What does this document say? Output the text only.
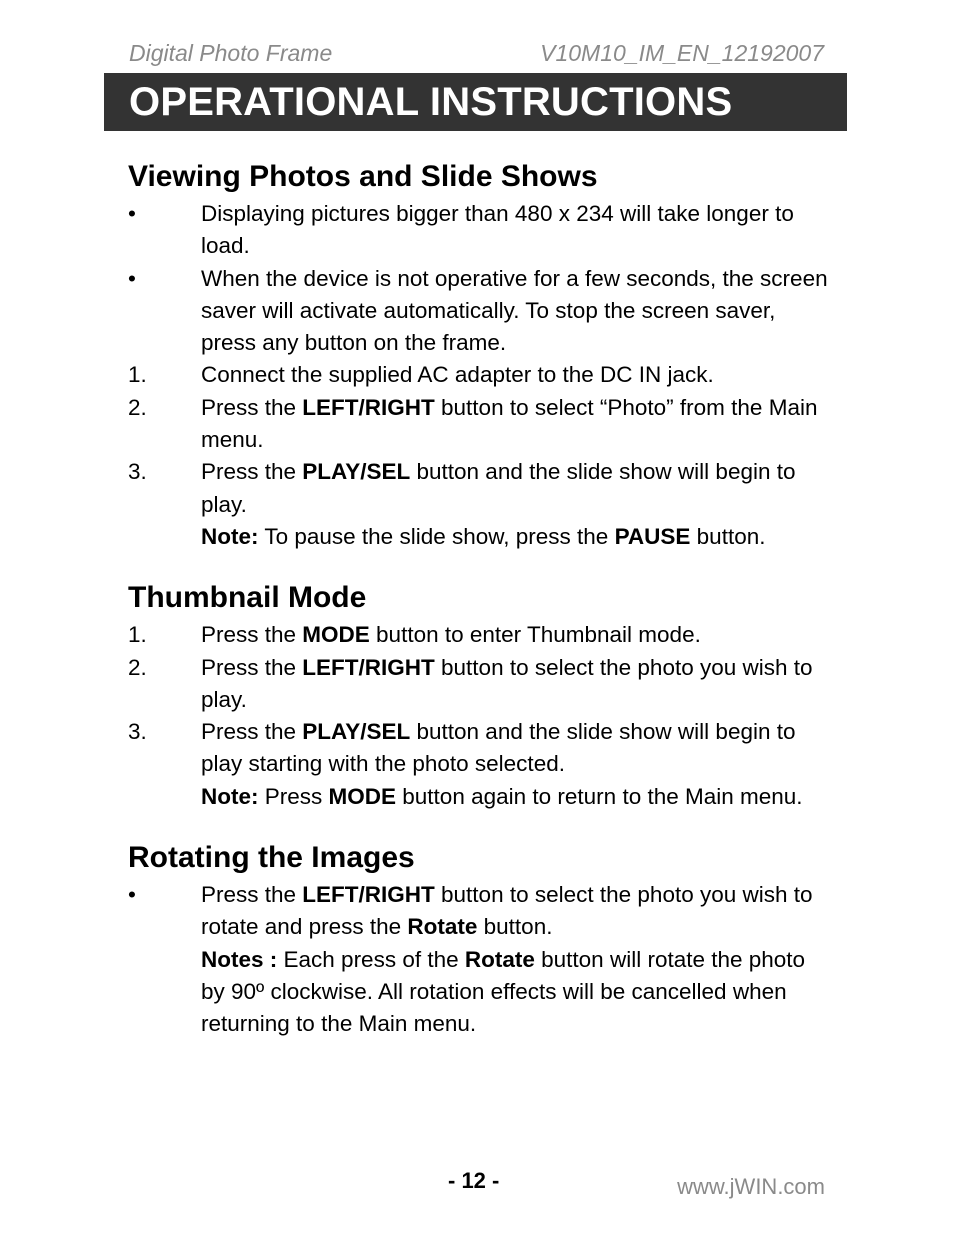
Digital Photo Frame	V10M10_IM_EN_12192007
OPERATIONAL INSTRUCTIONS
Viewing Photos and Slide Shows
•	Displaying pictures bigger than 480 x 234 will take longer to load.
•	When the device is not operative for a few seconds, the screen saver will activate automatically. To stop the screen saver, press any button on the frame.
1.	Connect the supplied AC adapter to the DC IN jack.
2.	Press the LEFT/RIGHT button to select “Photo” from the Main menu.
3.	Press the PLAY/SEL button and the slide show will begin to play.
Note: To pause the slide show, press the PAUSE button.
Thumbnail Mode
1.	Press the MODE button to enter Thumbnail mode.
2.	Press the LEFT/RIGHT button to select the photo you wish to play.
3.	Press the PLAY/SEL button and the slide show will begin to play starting with the photo selected.
Note: Press MODE button again to return to the Main menu.
Rotating the Images
•	Press the LEFT/RIGHT button to select the photo you wish to rotate and press the Rotate button.
Notes : Each press of the Rotate button will rotate the photo by 90º clockwise. All rotation effects will be cancelled when returning to the Main menu.
- 12 -	www.jWIN.com
